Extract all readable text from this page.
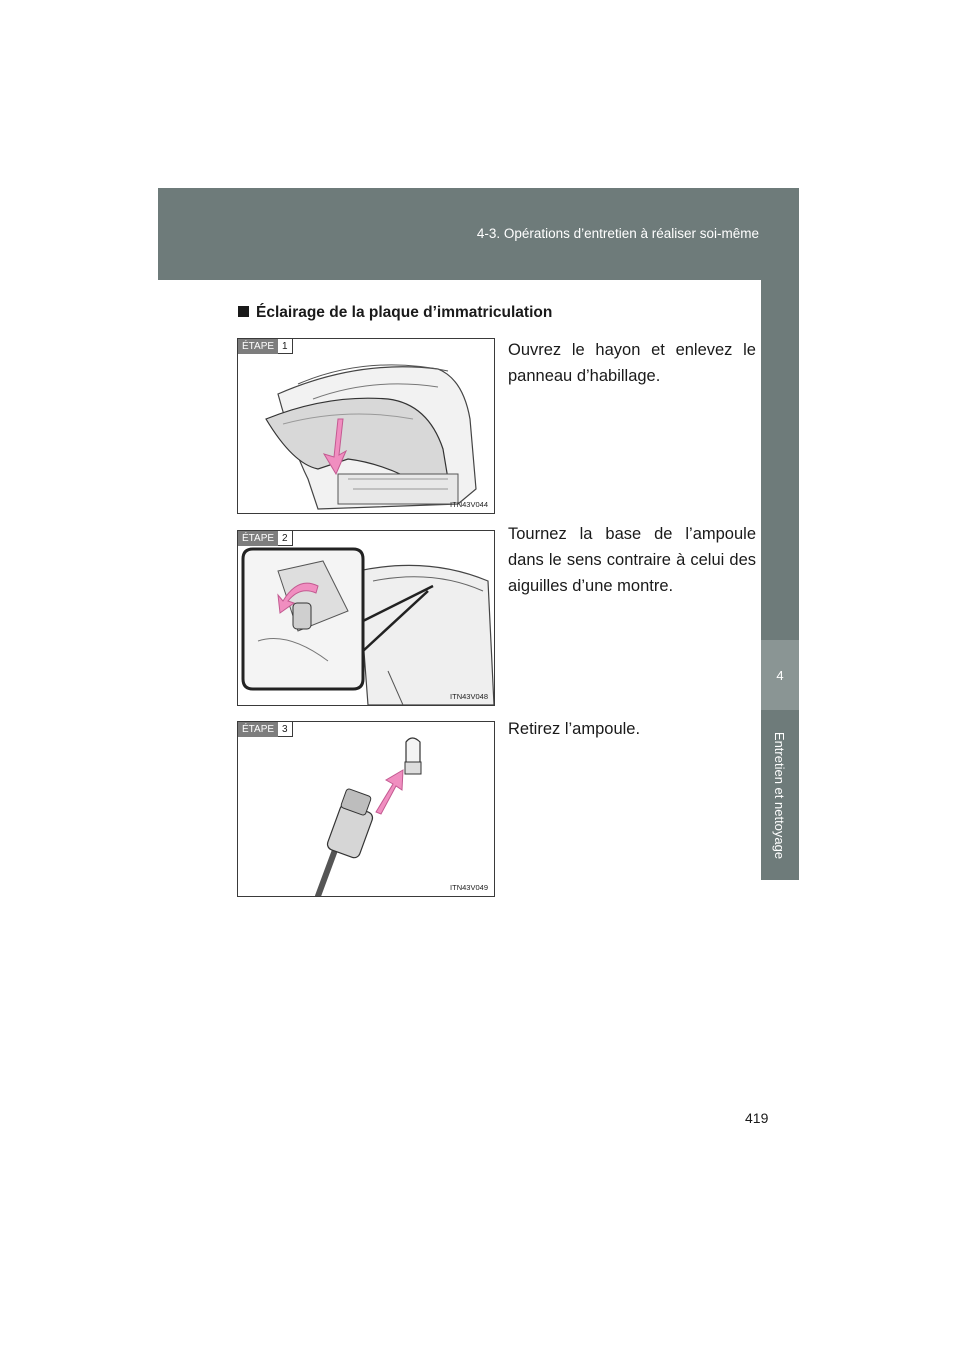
4-3. Opérations d’entretien à réaliser soi-même
4
Entretien et nettoyage
Éclairage de la plaque d’immatriculation
ÉTAPE 1
ITN43V044
Ouvrez le hayon et enlevez le panneau d’habillage.
ÉTAPE 2
ITN43V048
Tournez la base de l’ampoule dans le sens contraire à celui des aiguilles d’une montre.
ÉTAPE 3
ITN43V049
Retirez l’ampoule.
419
